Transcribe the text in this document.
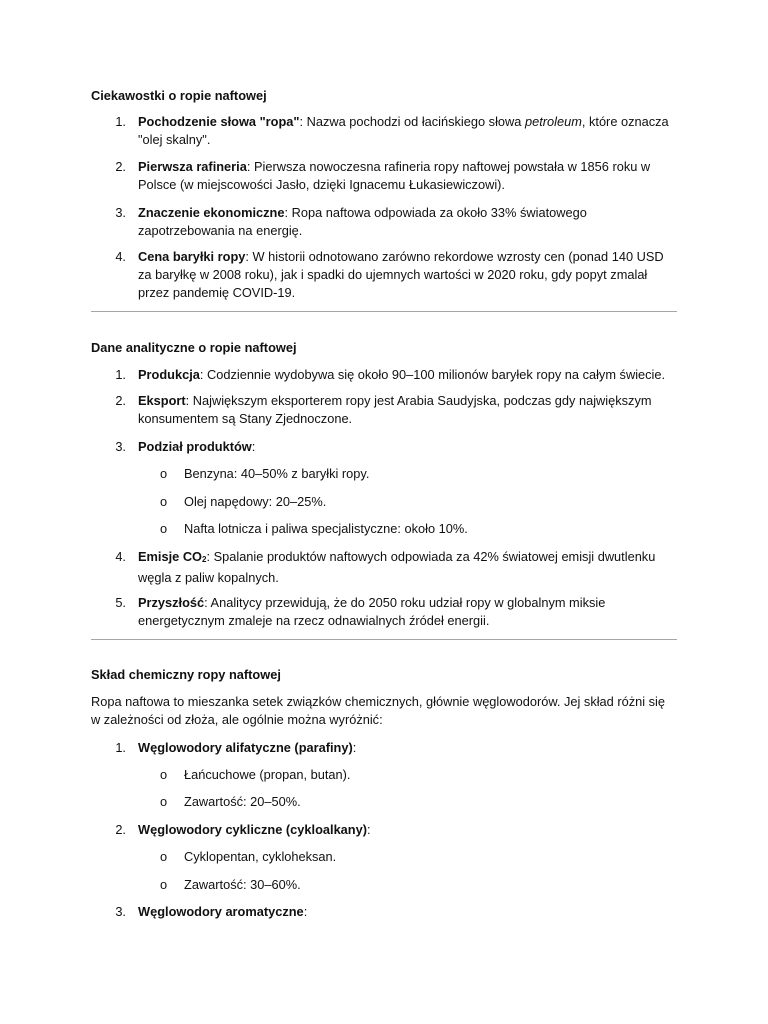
Ciekawostki o ropie naftowej
1. Pochodzenie słowa "ropa": Nazwa pochodzi od łacińskiego słowa petroleum, które oznacza
"olej skalny".
2. Pierwsza rafineria: Pierwsza nowoczesna rafineria ropy naftowej powstała w 1856 roku w
Polsce (w miejscowości Jasło, dzięki Ignacemu Łukasiewiczowi).
3. Znaczenie ekonomiczne: Ropa naftowa odpowiada za około 33% światowego
zapotrzebowania na energię.
4. Cena baryłki ropy: W historii odnotowano zarówno rekordowe wzrosty cen (ponad 140 USD
za baryłkę w 2008 roku), jak i spadki do ujemnych wartości w 2020 roku, gdy popyt zmalał
przez pandemię COVID-19.
Dane analityczne o ropie naftowej
1. Produkcja: Codziennie wydobywa się około 90–100 milionów baryłek ropy na całym świecie.
2. Eksport: Największym eksporterem ropy jest Arabia Saudyjska, podczas gdy największym
konsumentem są Stany Zjednoczone.
3. Podział produktów:
o Benzyna: 40–50% z baryłki ropy.
o Olej napędowy: 20–25%.
o Nafta lotnicza i paliwa specjalistyczne: około 10%.
4. Emisje $CO_2$: Spalanie produktów naftowych odpowiada za 42% światowej emisji dwutlenku
węgla z paliw kopalnych.
5. Przyszłość: Analitycy przewidują, że do 2050 roku udział ropy w globalnym miksie
energetycznym zmaleje na rzecz odnawialnych źródeł energii.
Skład chemiczny ropy naftowej
Ropa naftowa to mieszanka setek związków chemicznych, głównie węglowodorów. Jej skład różni się
w zależności od złoża, ale ogólnie można wyróżnić:
1. Węglowodory alifatyczne (parafiny):
o Łańcuchowe (propan, butan).
o Zawartość: 20–50%.
2. Węglowodory cykliczne (cykloalkany):
o Cyklopentan, cykloheksan.
o Zawartość: 30–60%.
3. Węglowodory aromatyczne:
